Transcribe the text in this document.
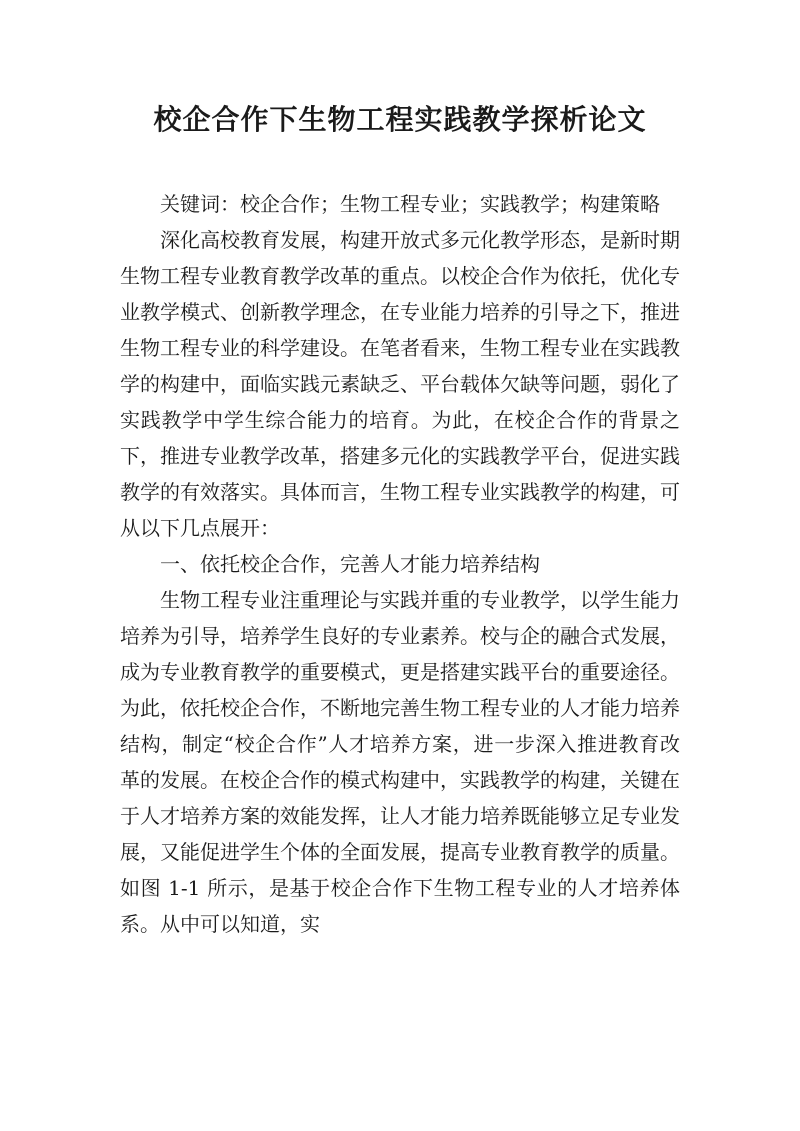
校企合作下生物工程实践教学探析论文

关键词：校企合作；生物工程专业；实践教学；构建策略

深化高校教育发展，构建开放式多元化教学形态，是新时期生物工程专业教育教学改革的重点。以校企合作为依托，优化专业教学模式、创新教学理念，在专业能力培养的引导之下，推进生物工程专业的科学建设。在笔者看来，生物工程专业在实践教学的构建中，面临实践元素缺乏、平台载体欠缺等问题，弱化了实践教学中学生综合能力的培育。为此，在校企合作的背景之下，推进专业教学改革，搭建多元化的实践教学平台，促进实践教学的有效落实。具体而言，生物工程专业实践教学的构建，可从以下几点展开：

一、依托校企合作，完善人才能力培养结构

生物工程专业注重理论与实践并重的专业教学，以学生能力培养为引导，培养学生良好的专业素养。校与企的融合式发展，成为专业教育教学的重要模式，更是搭建实践平台的重要途径。为此，依托校企合作，不断地完善生物工程专业的人才能力培养结构，制定“校企合作”人才培养方案，进一步深入推进教育改革的发展。在校企合作的模式构建中，实践教学的构建，关键在于人才培养方案的效能发挥，让人才能力培养既能够立足专业发展，又能促进学生个体的全面发展，提高专业教育教学的质量。如图 1-1 所示，是基于校企合作下生物工程专业的人才培养体系。从中可以知道，实
